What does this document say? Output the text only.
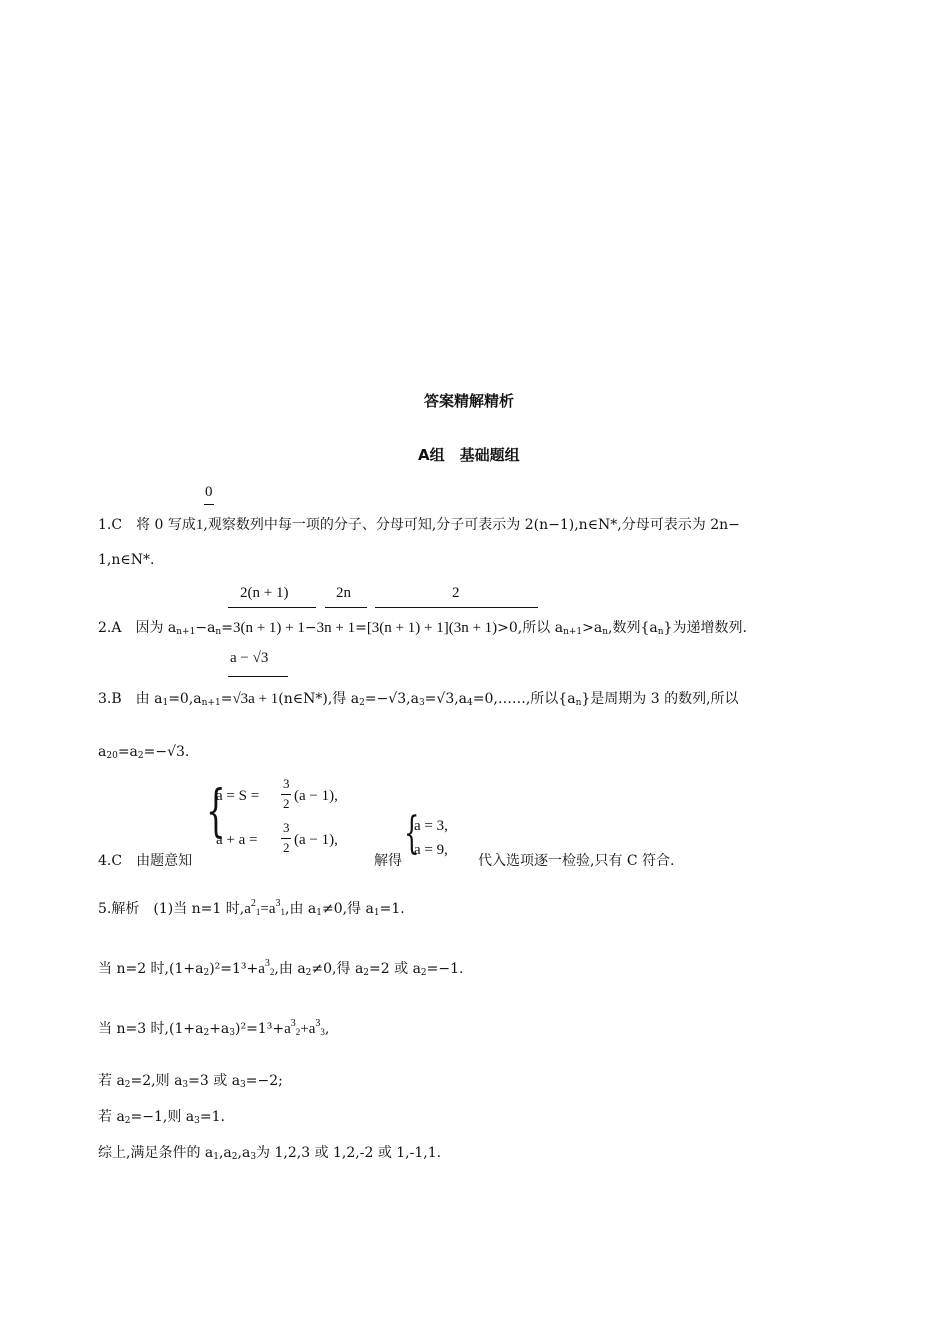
答案精解精析
A组　基础题组
0
1.C　将 0 写成1,观察数列中每一项的分子、分母可知,分子可表示为 2(n−1),n∈N*,分母可表示为 2n−
1,n∈N*.
2(n + 1)	2n	2
2.A　因为 $a_{n+1}-a_n=3(n + 1) + 1-3n + 1=[3(n + 1) + 1](3n + 1)>0$,所以 $a_{n+1}>a_n$,数列$\{a_n\}$为递增数列.
a − √3
3.B　由 $a_1=0,a_{n+1}=√3a$ + 1(n∈N*),得 $a_2=-√3,a_3=√3,a_4=0,\dots\dots$,所以$\{a_n\}$是周期为 3 的数列,所以
$a_{20}=a_2=-√3$.
{
a = S =
3
2 (a − 1),
a + a =
3
2 (a − 1),
4.C　由题意知	解得
{
a = 3,
a = 9,
代入选项逐一检验,只有 C 符合.
5.解析　(1)当 n=1 时$,a^2_1=a^3_1$,由 $a_1\ne 0$,得 $a_1=1$.
当 n=2 时$,(1+a_2)^2=1^3+a^3_2$,由 $a_2\ne 0$,得 $a_2=2$ 或 $a_2=-1$.
当 n=3 时$,(1+a_2+a_3)^2=1^3+a^3_2+a^3_3$,
若 $a_2=2$,则 $a_3=3$ 或 $a_3=-2$;
若 $a_2=-1$,则 $a_3=1$.
综上,满足条件的 $a_1,a_2,a_3$为 1,2,3 或 1,2,-2 或 1,-1,1.
